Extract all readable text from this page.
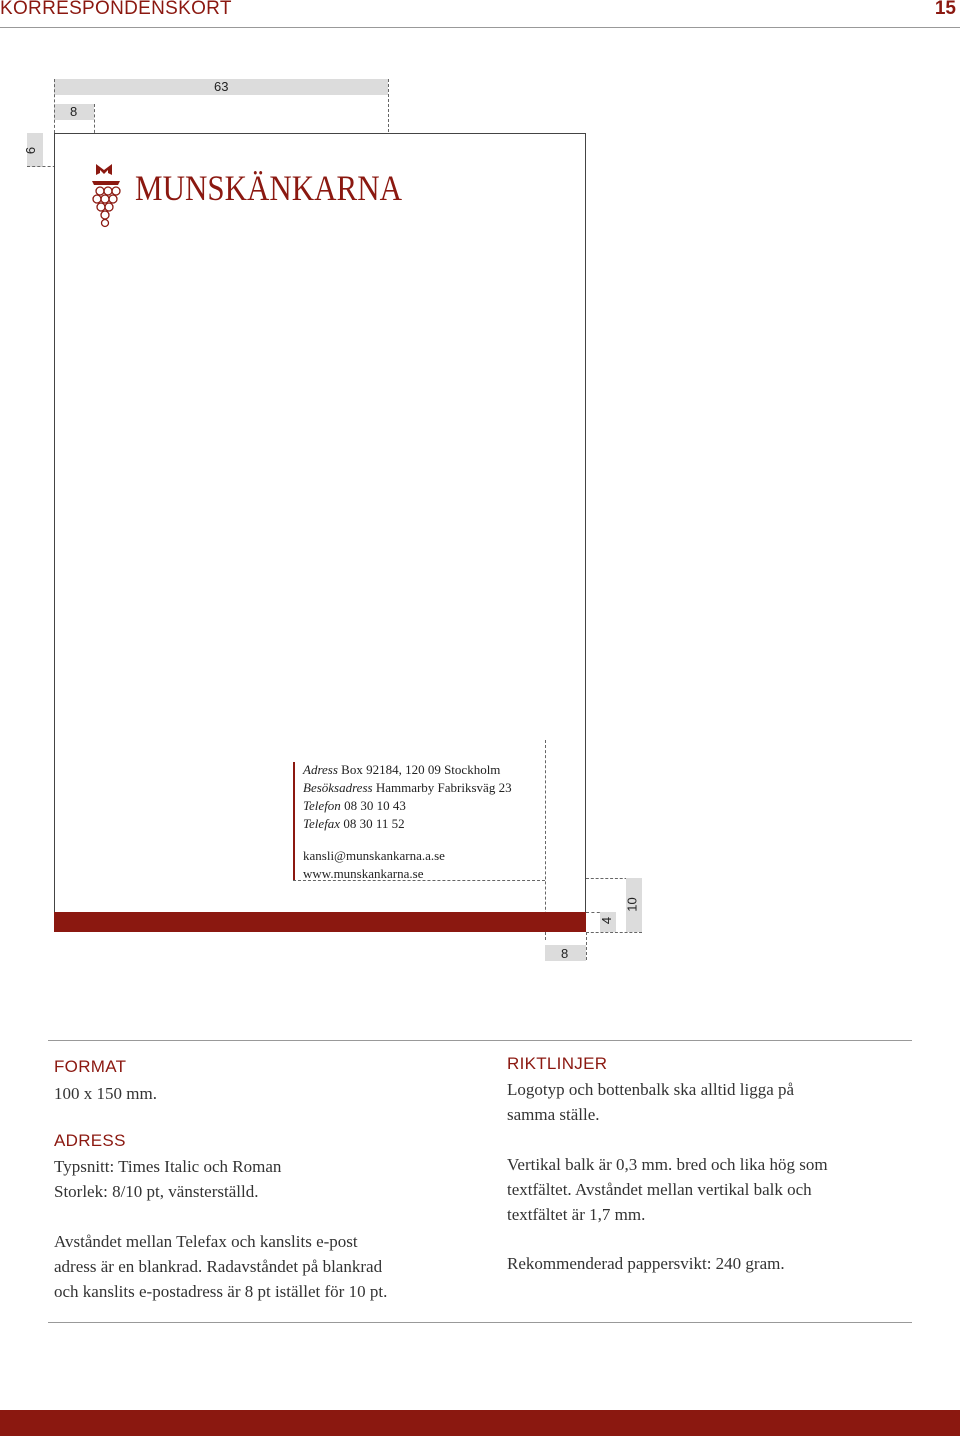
KORRESPONDENSKORT	15
63
8
6
MUNSKÄNKARNA
Adress Box 92184, 120 09 Stockholm
Besöksadress Hammarby Fabriksväg 23
Telefon 08 30 10 43
Telefax 08 30 11 52
kansli@munskankarna.a.se
www.munskankarna.se
4
10
8
FORMAT
100 x 150 mm.
ADRESS
Typsnitt: Times Italic och Roman
Storlek: 8/10 pt, vänsterställd.
Avståndet mellan Telefax och kanslits e-post
adress är en blankrad. Radavståndet på blankrad
och kanslits e-postadress är 8 pt istället för 10 pt.
RIKTLINJER
Logotyp och bottenbalk ska alltid ligga på
samma ställe.
Vertikal balk är 0,3 mm. bred och lika hög som
textfältet. Avståndet mellan vertikal balk och
textfältet är 1,7 mm.
Rekommenderad pappersvikt: 240 gram.
